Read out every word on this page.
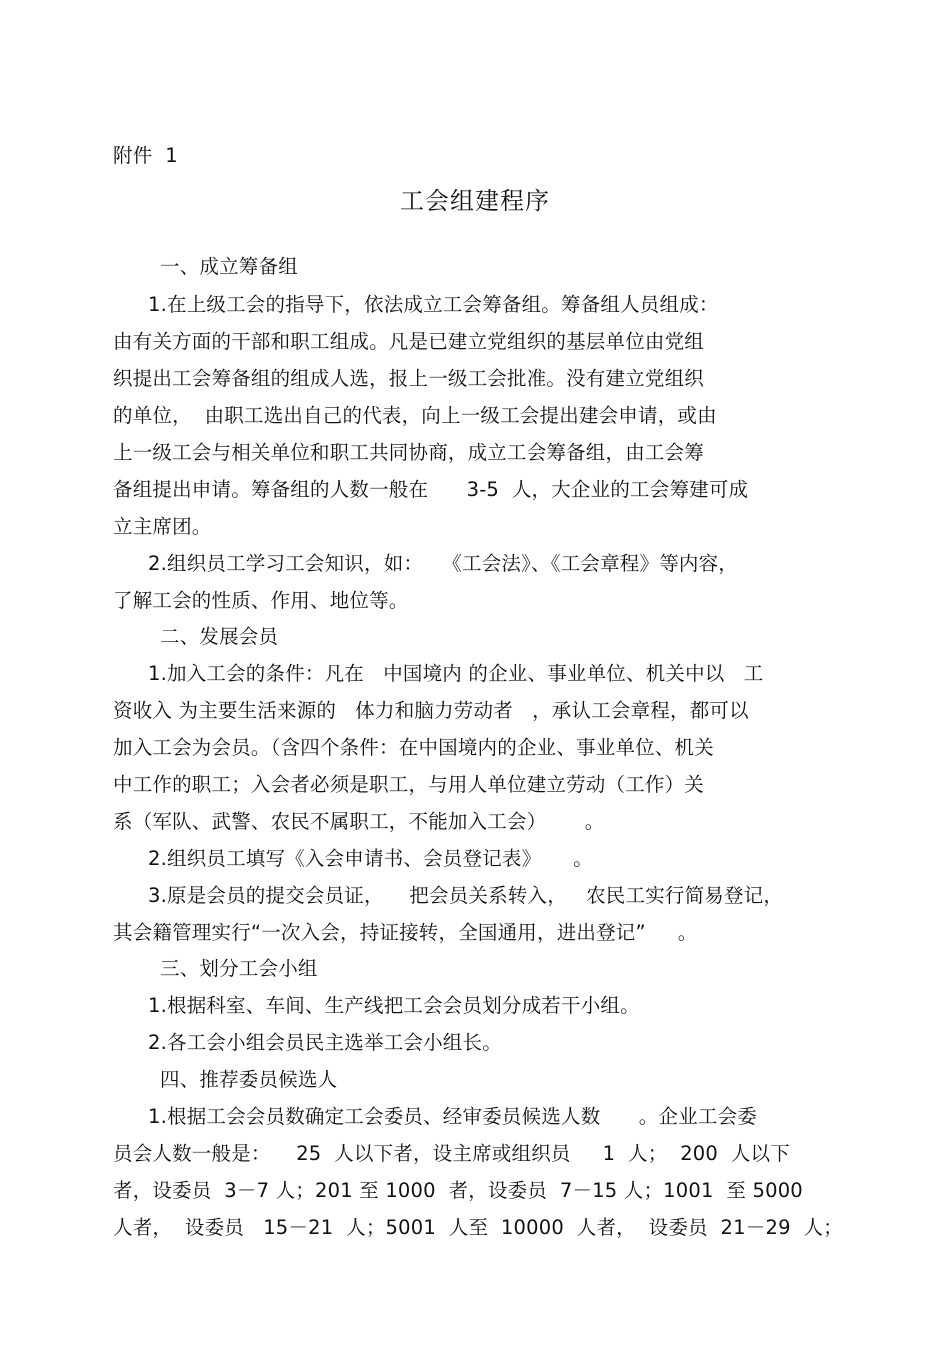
附件  1
工会组建程序
一、成立筹备组
1.在上级工会的指导下，依法成立工会筹备组。筹备组人员组成：
由有关方面的干部和职工组成。凡是已建立党组织的基层单位由党组
织提出工会筹备组的组成人选，报上一级工会批准。没有建立党组织
的单位，  由职工选出自己的代表，向上一级工会提出建会申请，或由
上一级工会与相关单位和职工共同协商，成立工会筹备组，由工会筹
备组提出申请。筹备组的人数一般在      3-5  人，大企业的工会筹建可成
立主席团。
2.组织员工学习工会知识，如：   《工会法》、《工会章程》等内容，
了解工会的性质、作用、地位等。
二、发展会员
1.加入工会的条件：凡在   中国境内 的企业、事业单位、机关中以   工
资收入 为主要生活来源的   体力和脑力劳动者   ，承认工会章程，都可以
加入工会为会员。（含四个条件：在中国境内的企业、事业单位、机关
中工作的职工；入会者必须是职工，与用人单位建立劳动（工作）关
系（军队、武警、农民不属职工，不能加入工会）      。
2.组织员工填写《入会申请书、会员登记表》     。
3.原是会员的提交会员证，    把会员关系转入，   农民工实行简易登记，
其会籍管理实行“一次入会，持证接转，全国通用，进出登记”     。
三、划分工会小组
1.根据科室、车间、生产线把工会会员划分成若干小组。
2.各工会小组会员民主选举工会小组长。
四、推荐委员候选人
1.根据工会会员数确定工会委员、经审委员候选人数      。企业工会委
员会人数一般是：    25  人以下者，设主席或组织员     1  人；  200  人以下
者，设委员  3－7 人；201 至 1000  者，设委员  7－15 人；1001  至 5000
人者，  设委员   15－21  人；5001  人至  10000  人者，  设委员  21－29  人；
